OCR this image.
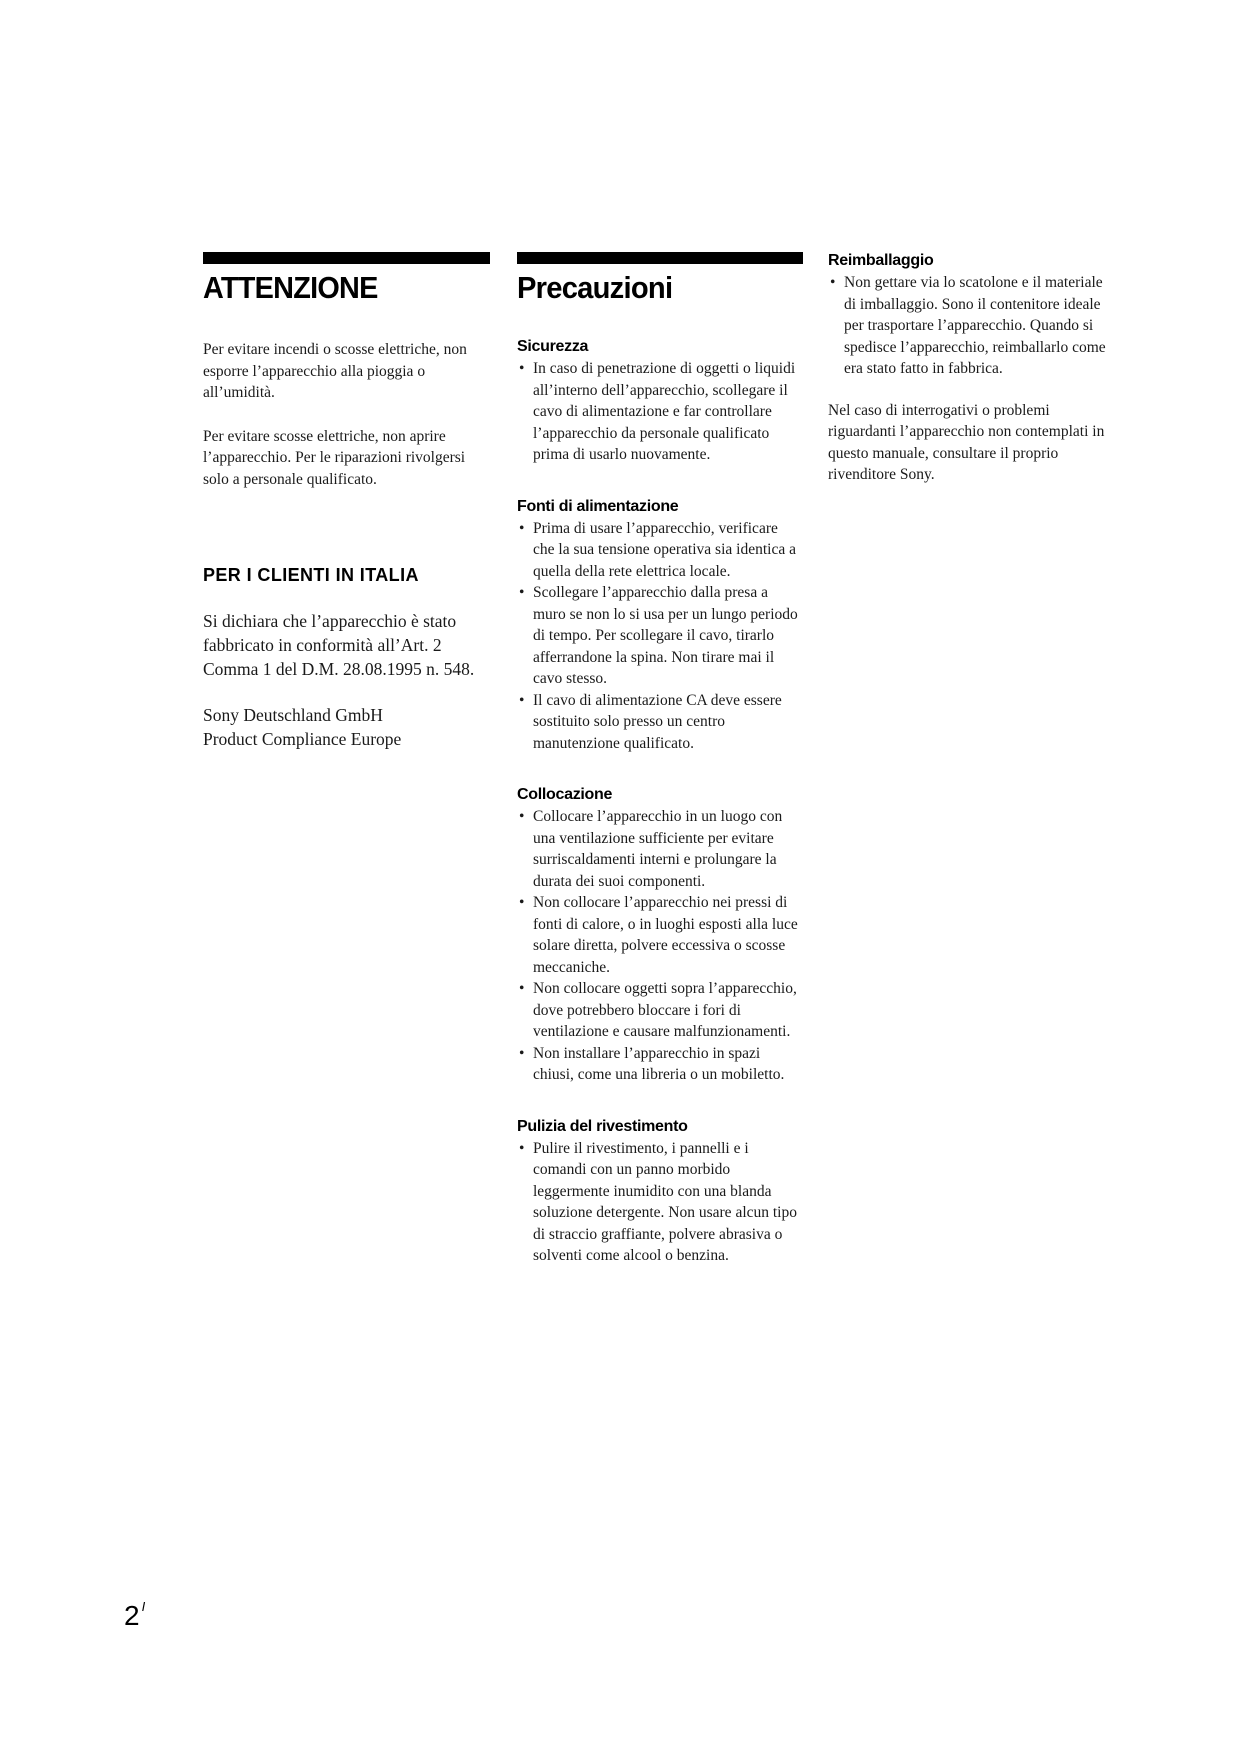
ATTENZIONE

Per evitare incendi o scosse elettriche, non esporre l’apparecchio alla pioggia o all’umidità.

Per evitare scosse elettriche, non aprire l’apparecchio. Per le riparazioni rivolgersi solo a personale qualificato.

PER I CLIENTI IN ITALIA

Si dichiara che l’apparecchio è stato fabbricato in conformità all’Art. 2 Comma 1 del D.M. 28.08.1995 n. 548.

Sony Deutschland GmbH

Product Compliance Europe

Precauzioni
Sicurezza
• In caso di penetrazione di oggetti o liquidi all’interno dell’apparecchio, scollegare il cavo di alimentazione e far controllare l’apparecchio da personale qualificato prima di usarlo nuovamente.
Fonti di alimentazione
• Prima di usare l’apparecchio, verificare che la sua tensione operativa sia identica a quella della rete elettrica locale.
• Scollegare l’apparecchio dalla presa a muro se non lo si usa per un lungo periodo di tempo. Per scollegare il cavo, tirarlo afferrandone la spina. Non tirare mai il cavo stesso.
• Il cavo di alimentazione CA deve essere sostituito solo presso un centro manutenzione qualificato.
Collocazione
• Collocare l’apparecchio in un luogo con una ventilazione sufficiente per evitare surriscaldamenti interni e prolungare la durata dei suoi componenti.
• Non collocare l’apparecchio nei pressi di fonti di calore, o in luoghi esposti alla luce solare diretta, polvere eccessiva o scosse meccaniche.
• Non collocare oggetti sopra l’apparecchio, dove potrebbero bloccare i fori di ventilazione e causare malfunzionamenti.
• Non installare l’apparecchio in spazi chiusi, come una libreria o un mobiletto.
Pulizia del rivestimento
• Pulire il rivestimento, i pannelli e i comandi con un panno morbido leggermente inumidito con una blanda soluzione detergente. Non usare alcun tipo di straccio graffiante, polvere abrasiva o solventi come alcool o benzina.
Reimballaggio
• Non gettare via lo scatolone e il materiale di imballaggio. Sono il contenitore ideale per trasportare l’apparecchio. Quando si spedisce l’apparecchio, reimballarlo come era stato fatto in fabbrica.

Nel caso di interrogativi o problemi riguardanti l’apparecchio non contemplati in questo manuale, consultare il proprio rivenditore Sony.

2 $^I$
